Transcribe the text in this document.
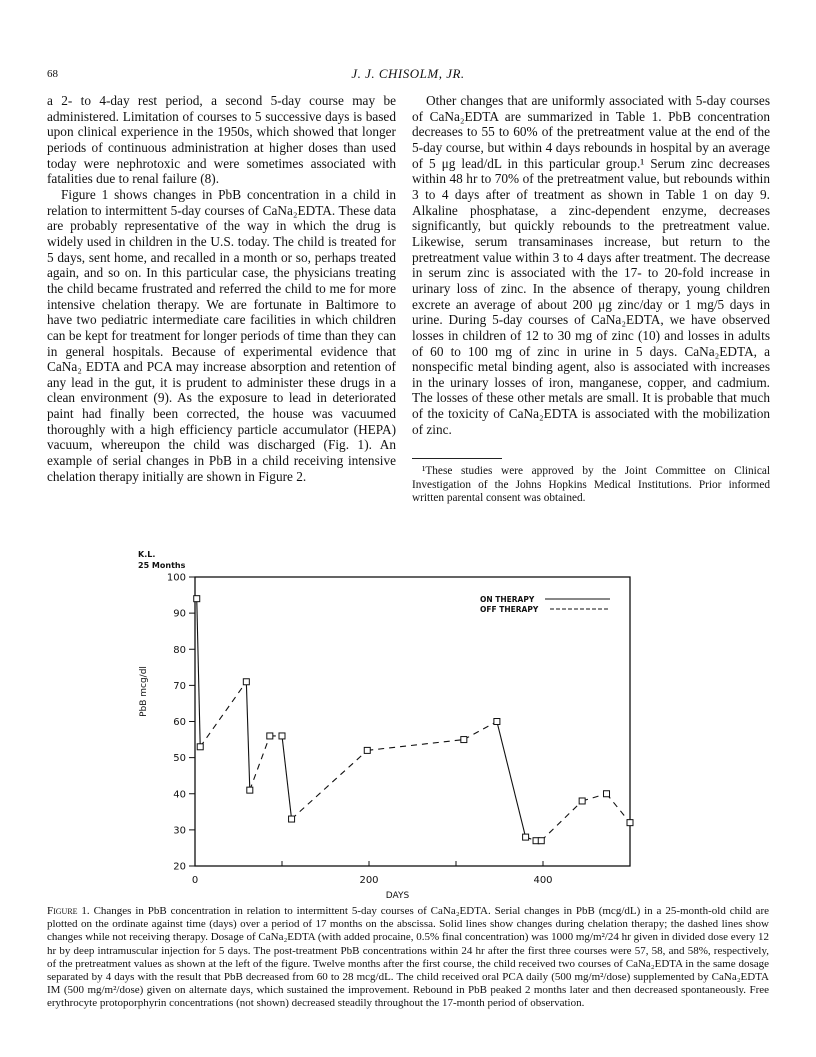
68	J. J. CHISOLM, JR.

a 2- to 4-day rest period, a second 5-day course may be administered. Limitation of courses to 5 successive days is based upon clinical experience in the 1950s, which showed that longer periods of continuous administration at higher doses than used today were nephrotoxic and were sometimes associated with fatalities due to renal failure (8).

Figure 1 shows changes in PbB concentration in a child in relation to intermittent 5-day courses of CaNa₂EDTA. These data are probably representative of the way in which the drug is widely used in children in the U.S. today. The child is treated for 5 days, sent home, and recalled in a month or so, perhaps treated again, and so on. In this particular case, the physicians treating the child became frustrated and referred the child to me for more intensive chelation therapy. We are fortunate in Baltimore to have two pediatric intermediate care facilities in which children can be kept for treatment for longer periods of time than they can in general hospitals. Because of experimental evidence that CaNa₂ EDTA and PCA may increase absorption and retention of any lead in the gut, it is prudent to administer these drugs in a clean environment (9). As the exposure to lead in deteriorated paint had finally been corrected, the house was vacuumed thoroughly with a high efficiency particle accumulator (HEPA) vacuum, whereupon the child was discharged (Fig. 1). An example of serial changes in PbB in a child receiving intensive chelation therapy initially are shown in Figure 2.

Other changes that are uniformly associated with 5-day courses of CaNa₂EDTA are summarized in Table 1. PbB concentration decreases to 55 to 60% of the pretreatment value at the end of the 5-day course, but within 4 days rebounds in hospital by an average of 5 μg lead/dL in this particular group.¹ Serum zinc decreases within 48 hr to 70% of the pretreatment value, but rebounds within 3 to 4 days after of treatment as shown in Table 1 on day 9. Alkaline phosphatase, a zinc-dependent enzyme, decreases significantly, but quickly rebounds to the pretreatment value. Likewise, serum transaminases increase, but return to the pretreatment value within 3 to 4 days after treatment. The decrease in serum zinc is associated with the 17- to 20-fold increase in urinary loss of zinc. In the absence of therapy, young children excrete an average of about 200 μg zinc/day or 1 mg/5 days in urine. During 5-day courses of CaNa₂EDTA, we have observed losses in children of 12 to 30 mg of zinc (10) and losses in adults of 60 to 100 mg of zinc in urine in 5 days. CaNa₂EDTA, a nonspecific metal binding agent, also is associated with increases in the urinary losses of iron, manganese, copper, and cadmium. The losses of these other metals are small. It is probable that much of the toxicity of CaNa₂EDTA is associated with the mobilization of zinc.

¹These studies were approved by the Joint Committee on Clinical Investigation of the Johns Hopkins Medical Institutions. Prior informed written parental consent was obtained.
K.L.
25 Months
20
30
40
50
60
70
80
90
100
0	200	400
DAYS
PbB mcg/dl
ON THERAPY
OFF THERAPY
Figure 1. Changes in PbB concentration in relation to intermittent 5-day courses of CaNa₂EDTA. Serial changes in PbB (mcg/dL) in a 25-month-old child are plotted on the ordinate against time (days) over a period of 17 months on the abscissa. Solid lines show changes during chelation therapy; the dashed lines show changes while not receiving therapy. Dosage of CaNa₂EDTA (with added procaine, 0.5% final concentration) was 1000 mg/m²/24 hr given in divided dose every 12 hr by deep intramuscular injection for 5 days. The post-treatment PbB concentrations within 24 hr after the first three courses were 57, 58, and 58%, respectively, of the pretreatment values as shown at the left of the figure. Twelve months after the first course, the child received two courses of CaNa₂EDTA in the same dosage separated by 4 days with the result that PbB decreased from 60 to 28 mcg/dL. The child received oral PCA daily (500 mg/m²/dose) supplemented by CaNa₂EDTA IM (500 mg/m²/dose) given on alternate days, which sustained the improvement. Rebound in PbB peaked 2 months later and then decreased spontaneously. Free erythrocyte protoporphyrin concentrations (not shown) decreased steadily throughout the 17-month period of observation.
